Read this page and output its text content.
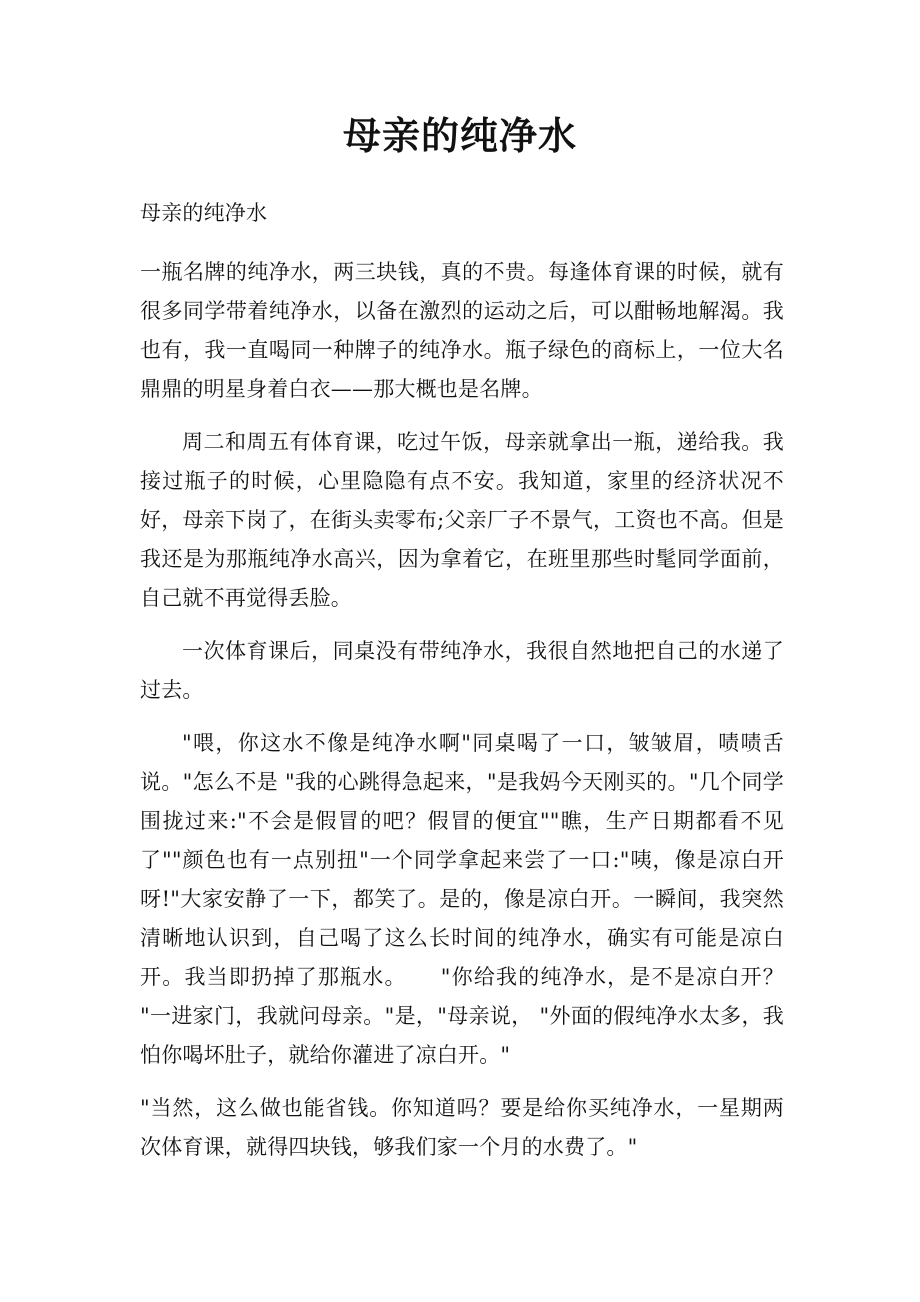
母亲的纯净水

母亲的纯净水

一瓶名牌的纯净水，两三块钱，真的不贵。每逢体育课的时候，就有很多同学带着纯净水，以备在激烈的运动之后，可以酣畅地解渴。我也有，我一直喝同一种牌子的纯净水。瓶子绿色的商标上，一位大名鼎鼎的明星身着白衣——那大概也是名牌。

周二和周五有体育课，吃过午饭，母亲就拿出一瓶，递给我。我接过瓶子的时候，心里隐隐有点不安。我知道，家里的经济状况不好，母亲下岗了，在街头卖零布;父亲厂子不景气，工资也不高。但是我还是为那瓶纯净水高兴，因为拿着它，在班里那些时髦同学面前，自己就不再觉得丢脸。

一次体育课后，同桌没有带纯净水，我很自然地把自己的水递了过去。

"喂，你这水不像是纯净水啊"同桌喝了一口，皱皱眉，啧啧舌说。"怎么不是 "我的心跳得急起来，"是我妈今天刚买的。"几个同学围拢过来:"不会是假冒的吧？假冒的便宜""瞧，生产日期都看不见了""颜色也有一点别扭"一个同学拿起来尝了一口:"咦，像是凉白开呀!"大家安静了一下，都笑了。是的，像是凉白开。一瞬间，我突然清晰地认识到，自己喝了这么长时间的纯净水，确实有可能是凉白开。我当即扔掉了那瓶水。　　"你给我的纯净水，是不是凉白开？ "一进家门，我就问母亲。"是，"母亲说， "外面的假纯净水太多，我怕你喝坏肚子，就给你灌进了凉白开。"

"当然，这么做也能省钱。你知道吗？要是给你买纯净水，一星期两次体育课，就得四块钱，够我们家一个月的水费了。"
